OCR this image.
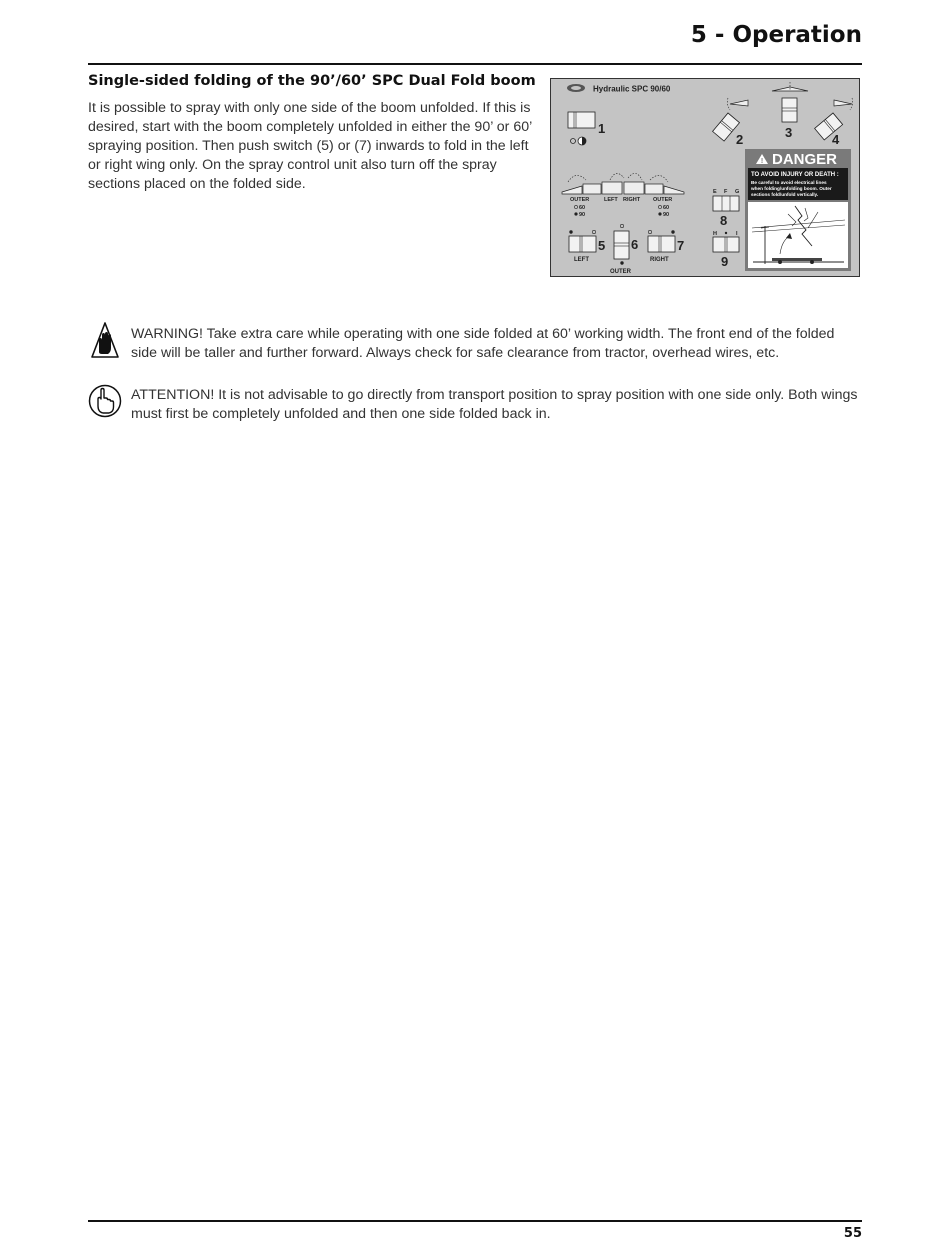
5 - Operation
Single-sided folding of the 90’/60’ SPC Dual Fold boom

It is possible to spray with only one side of the boom unfolded. If this is desired, start with the boom completely unfolded in either the 90’ or 60’ spraying position. Then push switch (5) or (7) inwards to fold in the left or right wing only. On the spray control unit also turn off the spray sections placed on the folded side.

Hydraulic SPC 90/60
1
2	3	4
OUTER	LEFT RIGHT OUTER
60
90
60
90
5
LEFT
6
OUTER
7
RIGHT
E F G
8
H	I
9
! DANGER
TO AVOID INJURY OR DEATH :
Be careful to avoid electrical lines
when folding/unfolding boom. Outer
sections fold/unfold vertically.

WARNING! Take extra care while operating with one side folded at 60’ working width. The front end of the folded side will be taller and further forward. Always check for safe clearance from tractor, overhead wires, etc.

ATTENTION! It is not advisable to go directly from transport position to spray position with one side only. Both wings must first be completely unfolded and then one side folded back in.

55
